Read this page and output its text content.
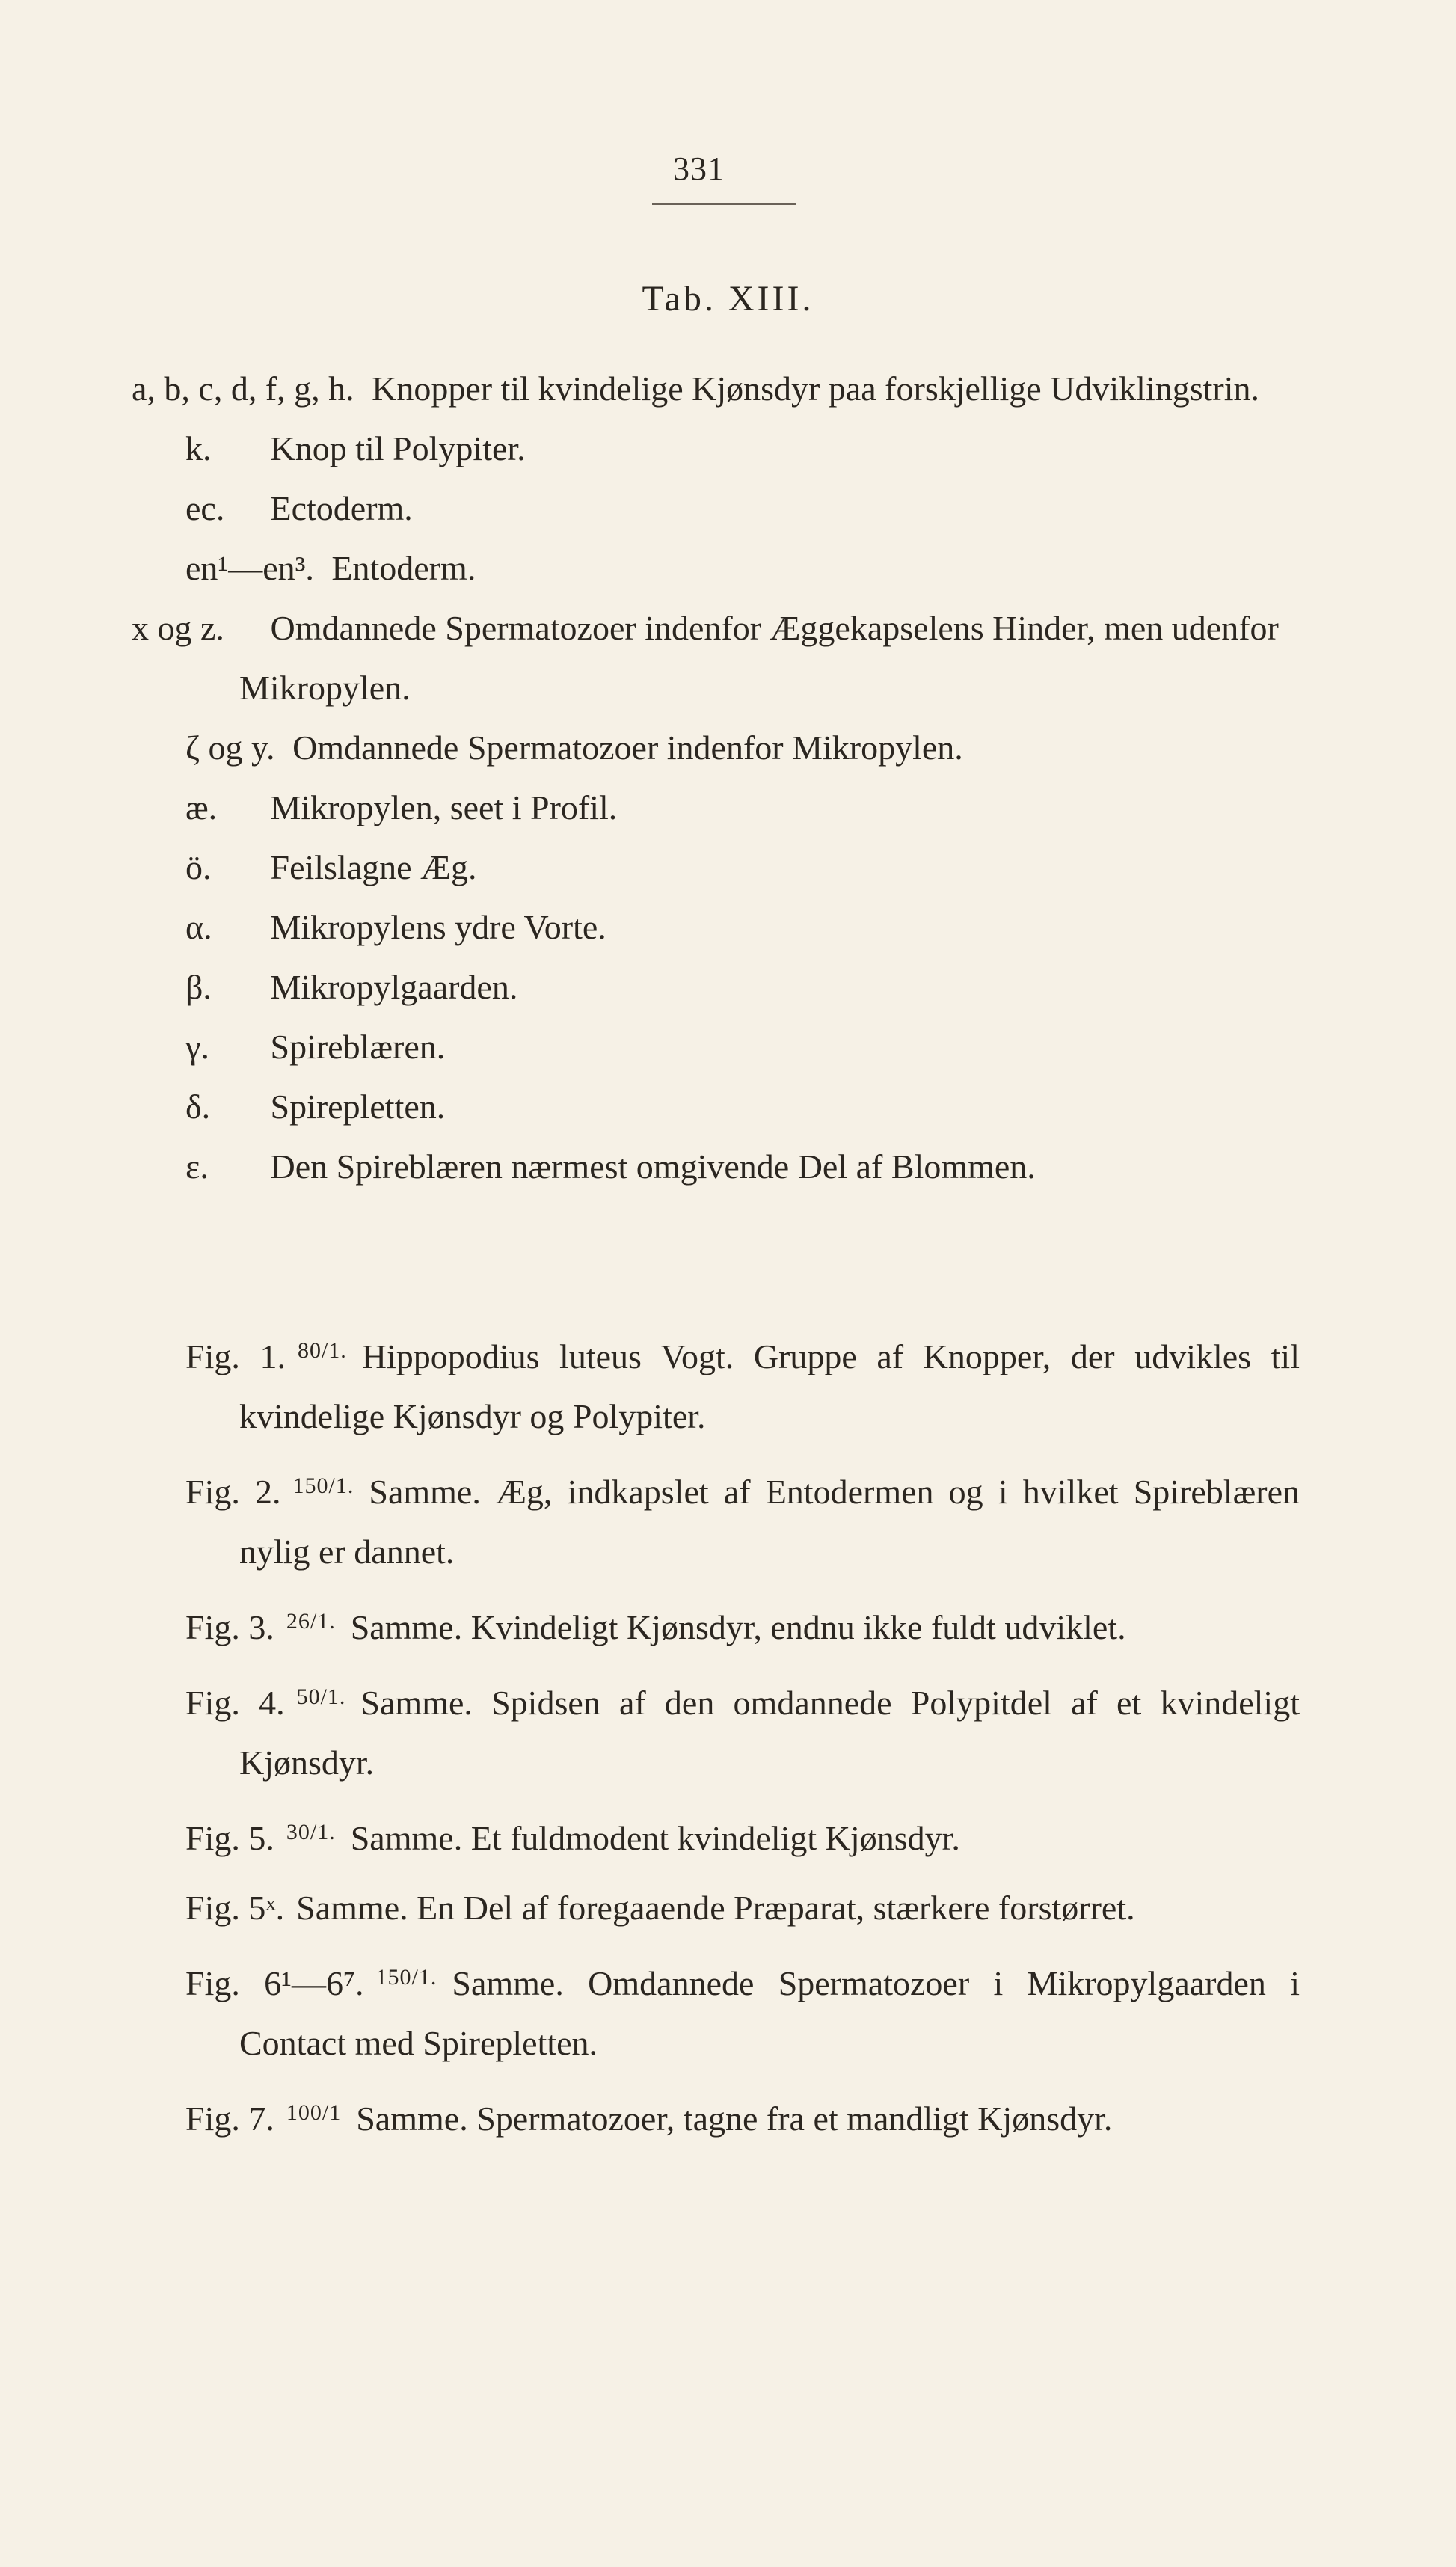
331
Tab. XIII.
a, b, c, d, f, g, h. Knopper til kvindelige Kjønsdyr paa forskjellige Udviklingstrin.
k. Knop til Polypiter.
ec. Ectoderm.
en¹—en³. Entoderm.
x og z. Omdannede Spermatozoer indenfor Æggekapselens Hinder, men udenfor Mikropylen.
ζ og y. Omdannede Spermatozoer indenfor Mikropylen.
æ. Mikropylen, seet i Profil.
ö. Feilslagne Æg.
α. Mikropylens ydre Vorte.
β. Mikropylgaarden.
γ. Spireblæren.
δ. Spirepletten.
ε. Den Spireblæren nærmest omgivende Del af Blommen.
Fig. 1. 80/1. Hippopodius luteus Vogt. Gruppe af Knopper, der udvikles til kvindelige Kjønsdyr og Polypiter.
Fig. 2. 150/1. Samme. Æg, indkapslet af Entodermen og i hvilket Spireblæren nylig er dannet.
Fig. 3. 26/1. Samme. Kvindeligt Kjønsdyr, endnu ikke fuldt udviklet.
Fig. 4. 50/1. Samme. Spidsen af den omdannede Polypitdel af et kvindeligt Kjønsdyr.
Fig. 5. 30/1. Samme. Et fuldmodent kvindeligt Kjønsdyr.
Fig. 5ˣ. Samme. En Del af foregaaende Præparat, stærkere forstørret.
Fig. 6¹—6⁷. 150/1. Samme. Omdannede Spermatozoer i Mikropylgaarden i Contact med Spirepletten.
Fig. 7. 100/1 Samme. Spermatozoer, tagne fra et mandligt Kjønsdyr.
